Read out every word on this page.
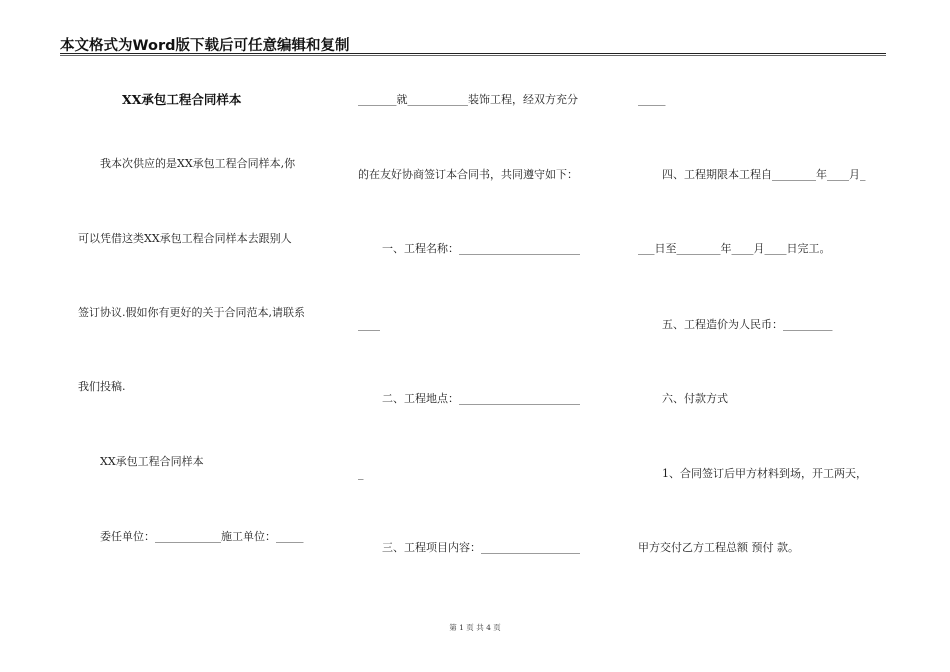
本文格式为Word版下载后可任意编辑和复制
XX承包工程合同样本
我本次供应的是XX承包工程合同样本,你
可以凭借这类XX承包工程合同样本去跟别人
签订协议.假如你有更好的关于合同范本,请联系
我们投稿.
XX承包工程合同样本
委任单位：____________施工单位：_____
_______就___________装饰工程，经双方充分
的在友好协商签订本合同书，共同遵守如下：
一、工程名称：______________________
____
二、工程地点：______________________
_
三、工程项目内容：__________________
_____
四、工程期限本工程自________年____月_
___日至________年____月____日完工。
五、工程造价为人民币：_________
六、付款方式
1、合同签订后甲方材料到场，开工两天，
甲方交付乙方工程总额 预付 款。
第 1 页 共 4 页
